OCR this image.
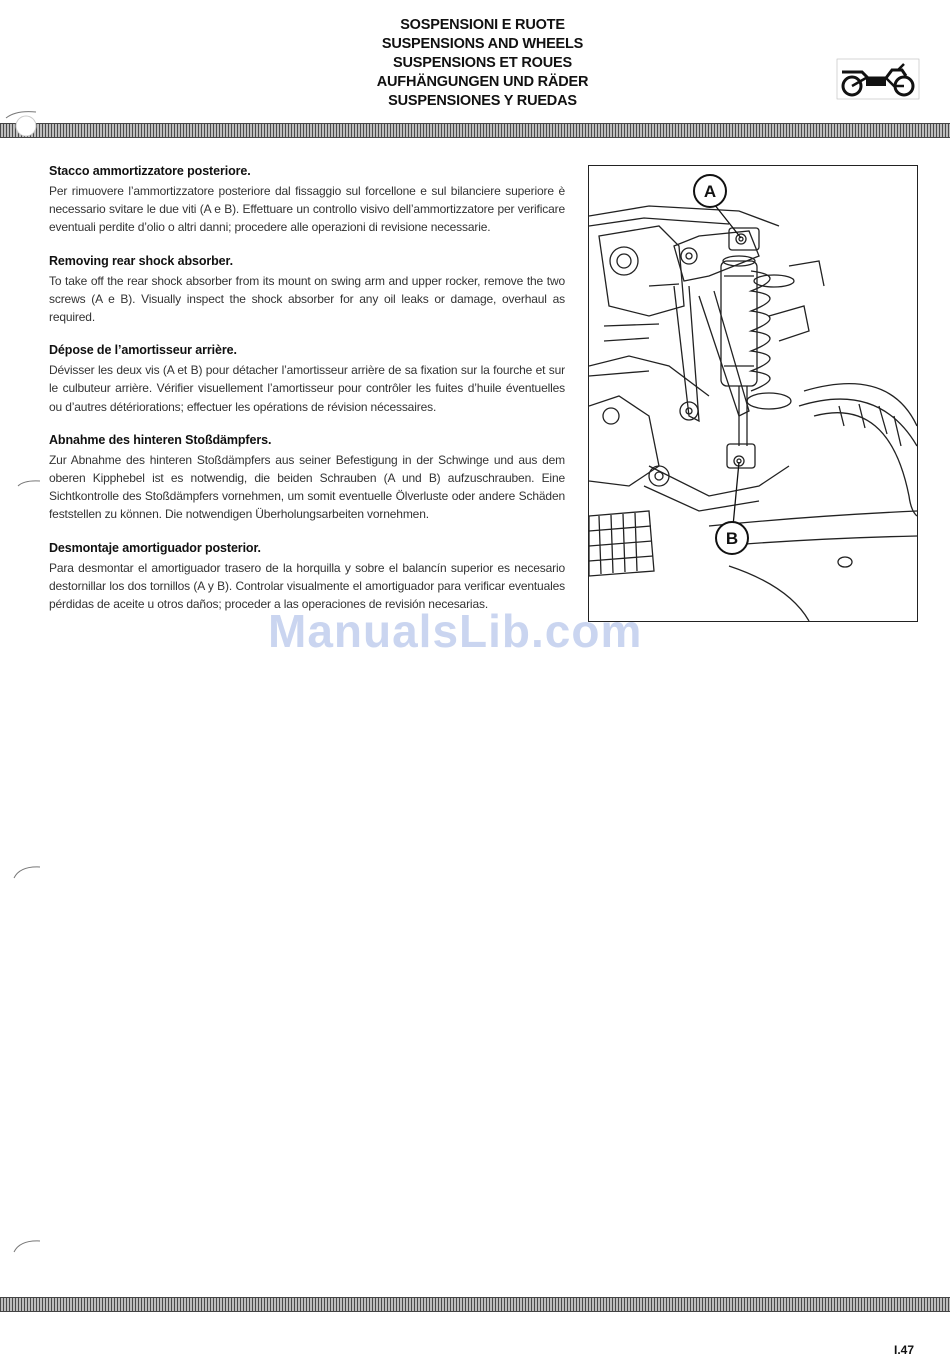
SOSPENSIONI E RUOTE
SUSPENSIONS AND WHEELS
SUSPENSIONS ET ROUES
AUFHÄNGUNGEN UND RÄDER
SUSPENSIONES Y RUEDAS
Stacco ammortizzatore posteriore.

Per rimuovere l’ammortizzatore posteriore dal fissaggio sul forcellone e sul bilanciere superiore è necessario svitare le due viti (A e B). Effettuare un controllo visivo dell’ammortizzatore per verificare eventuali perdite d’olio o altri danni; procedere alle operazioni di revisione necessarie.

Removing rear shock absorber.

To take off the rear shock absorber from its mount on swing arm and upper rocker, remove the two screws (A e B). Visually inspect the shock absorber for any oil leaks or damage, overhaul as required.

Dépose de l’amortisseur arrière.

Dévisser les deux vis (A et B) pour détacher l’amortisseur arrière de sa fixation sur la fourche et sur le culbuteur arrière. Vérifier visuellement l’amortisseur pour contrôler les fuites d’huile éventuelles ou d’autres détériorations; effectuer les opérations de révision nécessaires.

Abnahme des hinteren Stoßdämpfers.

Zur Abnahme des hinteren Stoßdämpfers aus seiner Befestigung in der Schwinge und aus dem oberen Kipphebel ist es notwendig, die beiden Schrauben (A und B) aufzuschrauben. Eine Sichtkontrolle des Stoßdämpfers vornehmen, um somit eventuelle Ölverluste oder andere Schäden feststellen zu können. Die notwendigen Überholungsarbeiten vornehmen.

Desmontaje amortiguador posterior.

Para desmontar el amortiguador trasero de la horquilla y sobre el balancín superior es necesario destornillar los dos tornillos (A y B). Controlar visualmente el amortiguador para verificar eventuales pérdidas de aceite u otros daños; proceder a las operaciones de revisión necesarias.

A
B
ManualsLib.com
I.47
